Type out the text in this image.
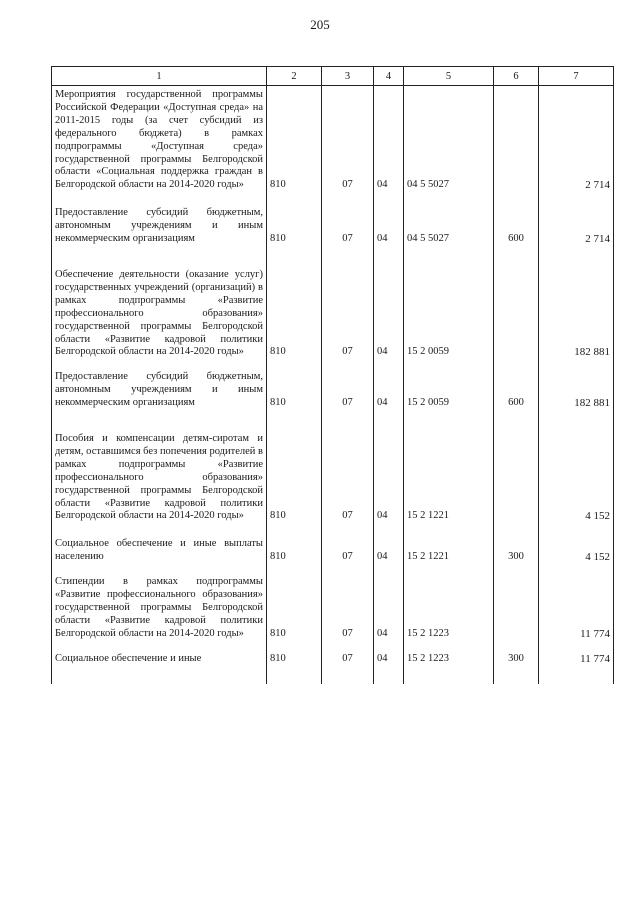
205
1	2	3	4	5	6	7
Мероприятия государственной программы Российской Федерации «Доступная среда» на 2011-2015 годы (за счет субсидий из федерального бюджета) в рамках подпрограммы «Доступная среда» государственной программы Белгородской области «Социальная поддержка граждан в Белгородской области на 2014-2020 годы»	810	07	04	04 5 5027		2 714

Предоставление субсидий бюджетным, автономным учреждениям и иным некоммерческим организациям	810	07	04	04 5 5027	600	2 714

Обеспечение деятельности (оказание услуг) государственных учреждений (организаций) в рамках подпрограммы «Развитие профессионального образования» государственной программы Белгородской области «Развитие кадровой политики Белгородской области на 2014-2020 годы»	810	07	04	15 2 0059		182 881
Предоставление субсидий бюджетным, автономным учреждениям и иным некоммерческим организациям	810	07	04	15 2 0059	600	182 881

Пособия и компенсации детям-сиротам и детям, оставшимся без попечения родителей в рамках подпрограммы «Развитие профессионального образования» государственной программы Белгородской области «Развитие кадровой политики Белгородской области на 2014-2020 годы»	810	07	04	15 2 1221		4 152

Социальное обеспечение и иные выплаты населению	810	07	04	15 2 1221	300	4 152
Стипендии в рамках подпрограммы «Развитие профессионального образования» государственной программы Белгородской области «Развитие кадровой политики Белгородской области на 2014-2020 годы»	810	07	04	15 2 1223		11 774
Социальное обеспечение и иные	810	07	04	15 2 1223	300	11 774
